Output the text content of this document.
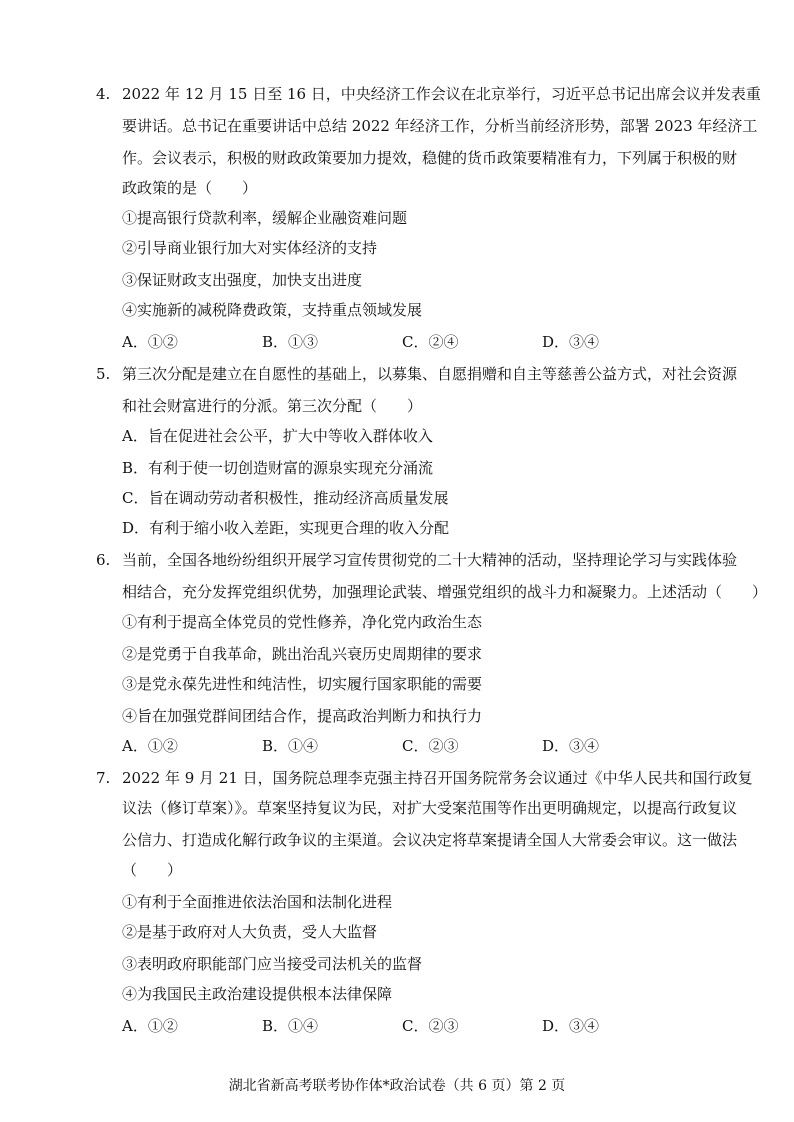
4. 2022 年 12 月 15 日至 16 日，中央经济工作会议在北京举行，习近平总书记出席会议并发表重
要讲话。总书记在重要讲话中总结 2022 年经济工作，分析当前经济形势，部署 2023 年经济工
作。会议表示，积极的财政政策要加力提效，稳健的货币政策要精准有力，下列属于积极的财
政政策的是（　　）
①提高银行贷款利率，缓解企业融资难问题
②引导商业银行加大对实体经济的支持
③保证财政支出强度，加快支出进度
④实施新的减税降费政策，支持重点领域发展
A．①②	B．①③	C．②④	D．③④
5. 第三次分配是建立在自愿性的基础上，以募集、自愿捐赠和自主等慈善公益方式，对社会资源
和社会财富进行的分派。第三次分配（　　）
A．旨在促进社会公平，扩大中等收入群体收入
B．有利于使一切创造财富的源泉实现充分涌流
C．旨在调动劳动者积极性，推动经济高质量发展
D．有利于缩小收入差距，实现更合理的收入分配
6. 当前，全国各地纷纷组织开展学习宣传贯彻党的二十大精神的活动，坚持理论学习与实践体验
相结合，充分发挥党组织优势，加强理论武装、增强党组织的战斗力和凝聚力。上述活动（　　）
①有利于提高全体党员的党性修养，净化党内政治生态
②是党勇于自我革命，跳出治乱兴衰历史周期律的要求
③是党永葆先进性和纯洁性，切实履行国家职能的需要
④旨在加强党群间团结合作，提高政治判断力和执行力
A．①②	B．①④	C．②③	D．③④
7. 2022 年 9 月 21 日，国务院总理李克强主持召开国务院常务会议通过《中华人民共和国行政复
议法（修订草案）》。草案坚持复议为民，对扩大受案范围等作出更明确规定，以提高行政复议
公信力、打造成化解行政争议的主渠道。会议决定将草案提请全国人大常委会审议。这一做法
（　　）
①有利于全面推进依法治国和法制化进程
②是基于政府对人大负责，受人大监督
③表明政府职能部门应当接受司法机关的监督
④为我国民主政治建设提供根本法律保障
A．①②	B．①④	C．②③	D．③④
湖北省新高考联考协作体*政治试卷（共 6 页）第 2 页
